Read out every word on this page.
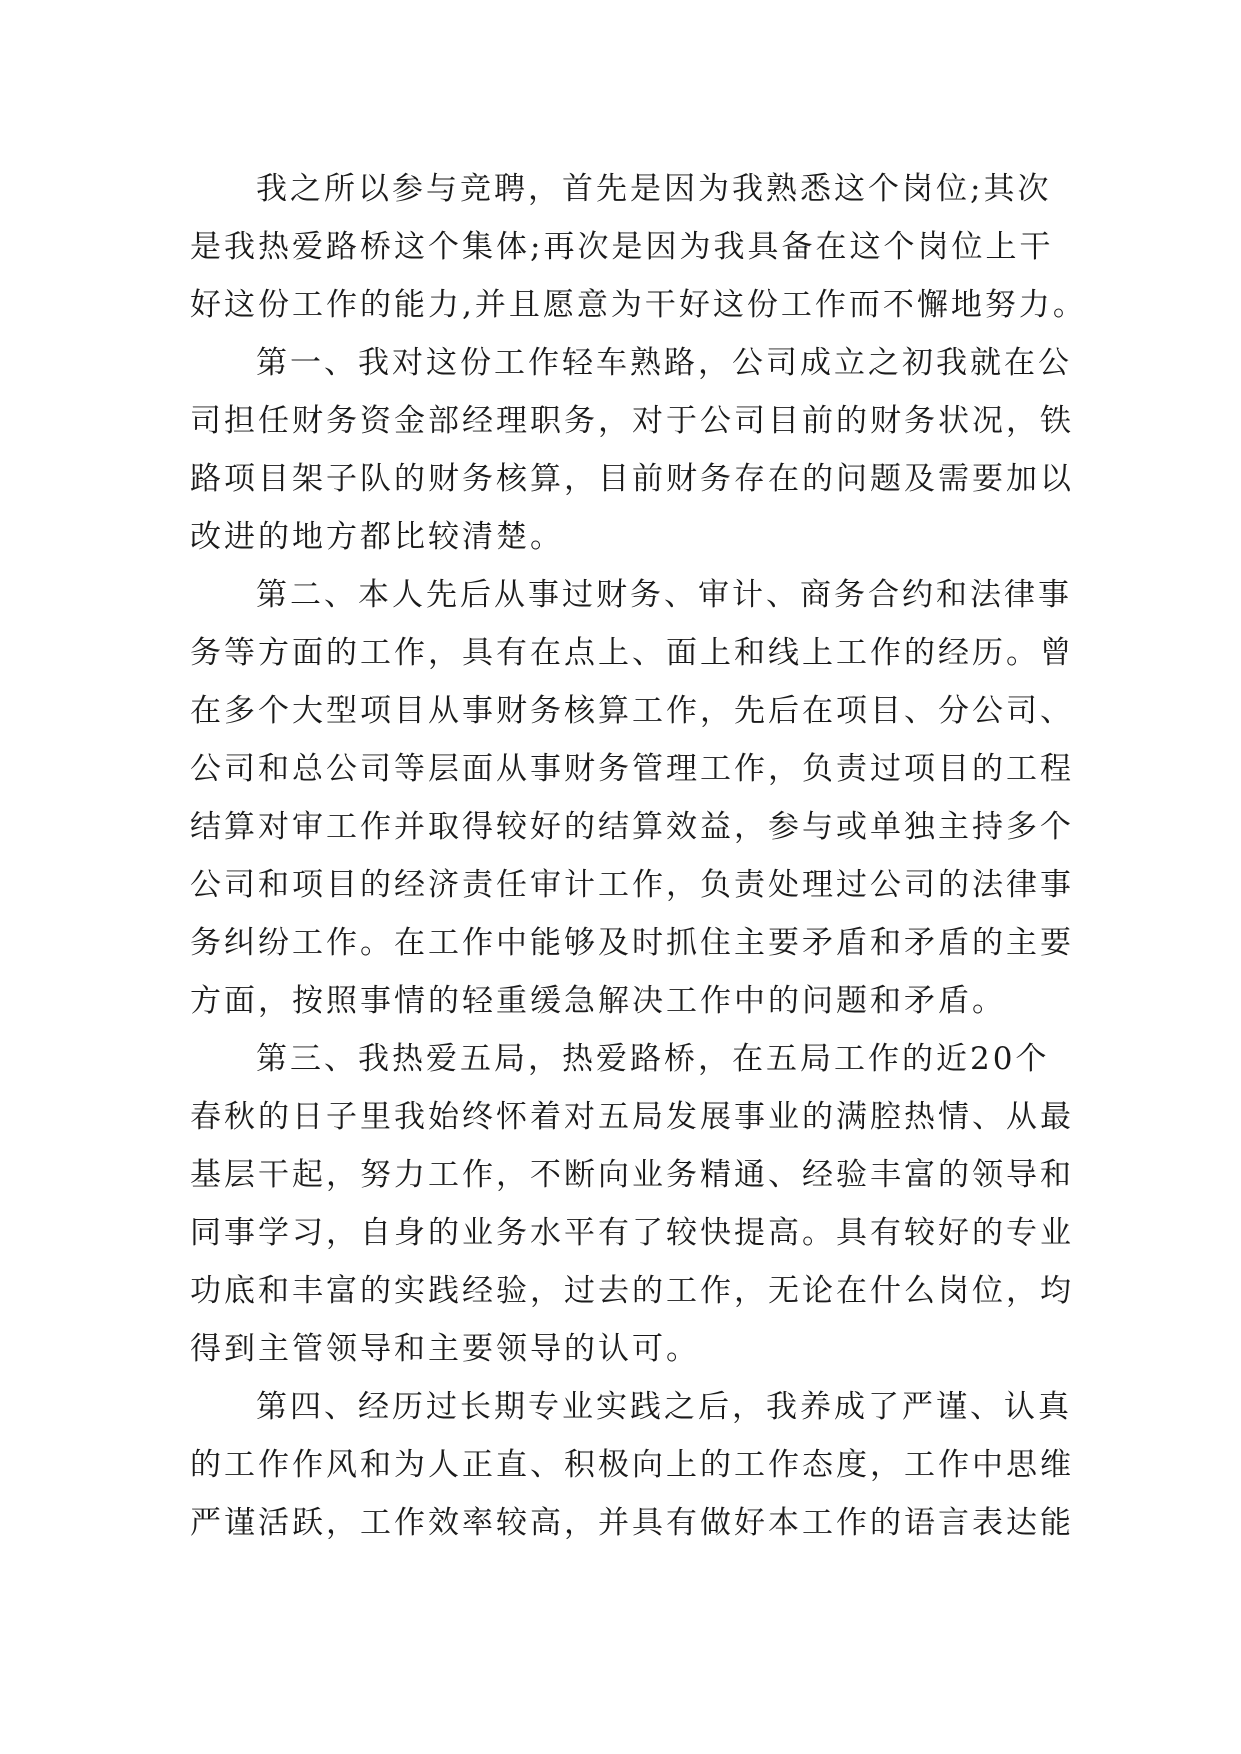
我之所以参与竞聘，首先是因为我熟悉这个岗位;其次
是我热爱路桥这个集体;再次是因为我具备在这个岗位上干
好这份工作的能力,并且愿意为干好这份工作而不懈地努力。
第一、我对这份工作轻车熟路，公司成立之初我就在公
司担任财务资金部经理职务，对于公司目前的财务状况，铁
路项目架子队的财务核算，目前财务存在的问题及需要加以
改进的地方都比较清楚。
第二、本人先后从事过财务、审计、商务合约和法律事
务等方面的工作，具有在点上、面上和线上工作的经历。曾
在多个大型项目从事财务核算工作，先后在项目、分公司、
公司和总公司等层面从事财务管理工作，负责过项目的工程
结算对审工作并取得较好的结算效益，参与或单独主持多个
公司和项目的经济责任审计工作，负责处理过公司的法律事
务纠纷工作。在工作中能够及时抓住主要矛盾和矛盾的主要
方面，按照事情的轻重缓急解决工作中的问题和矛盾。
第三、我热爱五局，热爱路桥，在五局工作的近20个
春秋的日子里我始终怀着对五局发展事业的满腔热情、从最
基层干起，努力工作，不断向业务精通、经验丰富的领导和
同事学习，自身的业务水平有了较快提高。具有较好的专业
功底和丰富的实践经验，过去的工作，无论在什么岗位，均
得到主管领导和主要领导的认可。
第四、经历过长期专业实践之后，我养成了严谨、认真
的工作作风和为人正直、积极向上的工作态度，工作中思维
严谨活跃，工作效率较高，并具有做好本工作的语言表达能
